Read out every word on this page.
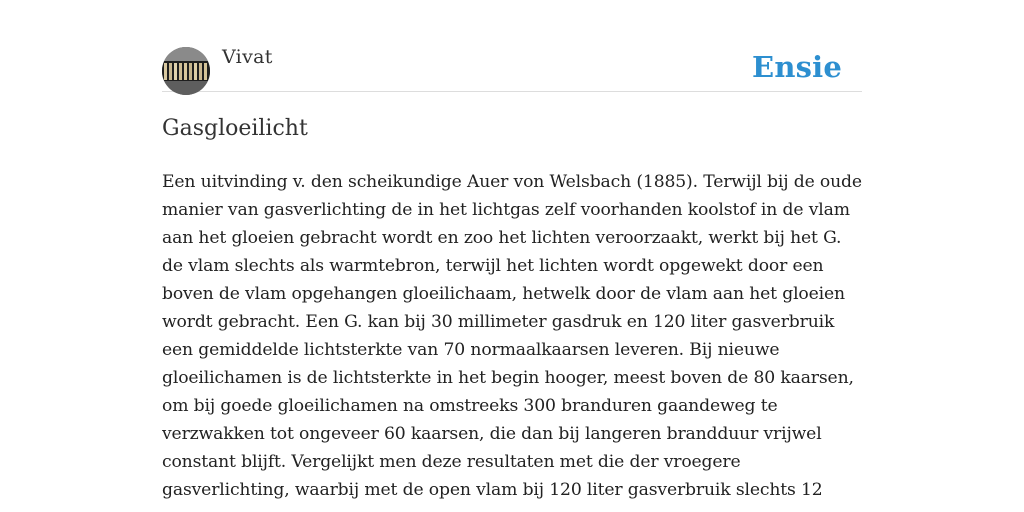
Vivat	Ensie
Gasgloeilicht

Een uitvinding v. den scheikundige Auer von Welsbach (1885). Terwijl bij de oude manier van gasverlichting de in het lichtgas zelf voorhanden koolstof in de vlam aan het gloeien gebracht wordt en zoo het lichten veroorzaakt, werkt bij het G. de vlam slechts als warmtebron, terwijl het lichten wordt opgewekt door een boven de vlam opgehangen gloeilichaam, hetwelk door de vlam aan het gloeien wordt gebracht. Een G. kan bij 30 millimeter gasdruk en 120 liter gasverbruik een gemiddelde lichtsterkte van 70 normaalkaarsen leveren. Bij nieuwe gloeilichamen is de lichtsterkte in het begin hooger, meest boven de 80 kaarsen, om bij goede gloeilichamen na omstreeks 300 branduren gaandeweg te verzwakken tot ongeveer 60 kaarsen, die dan bij langeren brandduur vrijwel constant blijft. Vergelijkt men deze resultaten met die der vroegere gasverlichting, waarbij met de open vlam bij 120 liter gasverbruik slechts 12
